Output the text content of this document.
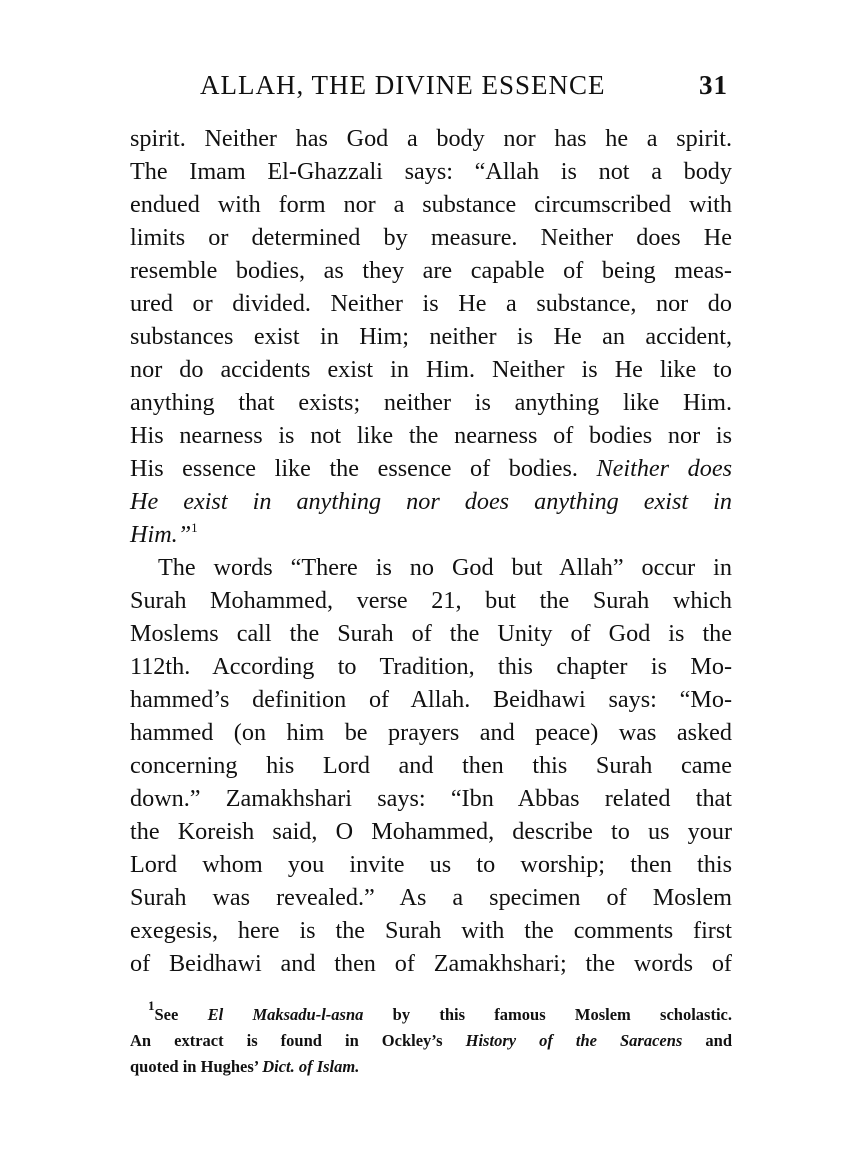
ALLAH, THE DIVINE ESSENCE	31
spirit. Neither has God a body nor has he a spirit.
The Imam El-Ghazzali says: “Allah is not a body
endued with form nor a substance circumscribed with
limits or determined by measure. Neither does He
resemble bodies, as they are capable of being meas-
ured or divided. Neither is He a substance, nor do
substances exist in Him; neither is He an accident,
nor do accidents exist in Him. Neither is He like to
anything that exists; neither is anything like Him.
His nearness is not like the nearness of bodies nor is
His essence like the essence of bodies. Neither does
He exist in anything nor does anything exist in
Him.”$^1$
The words “There is no God but Allah” occur in
Surah Mohammed, verse 21, but the Surah which
Moslems call the Surah of the Unity of God is the
112th. According to Tradition, this chapter is Mo-
hammed’s definition of Allah. Beidhawi says: “Mo-
hammed (on him be prayers and peace) was asked
concerning his Lord and then this Surah came
down.” Zamakhshari says: “Ibn Abbas related that
the Koreish said, O Mohammed, describe to us your
Lord whom you invite us to worship; then this
Surah was revealed.” As a specimen of Moslem
exegesis, here is the Surah with the comments first
of Beidhawi and then of Zamakhshari; the words of
$^1$See El Maksadu-l-asna by this famous Moslem scholastic.
An extract is found in Ockley’s History of the Saracens and
quoted in Hughes’ Dict. of Islam.
